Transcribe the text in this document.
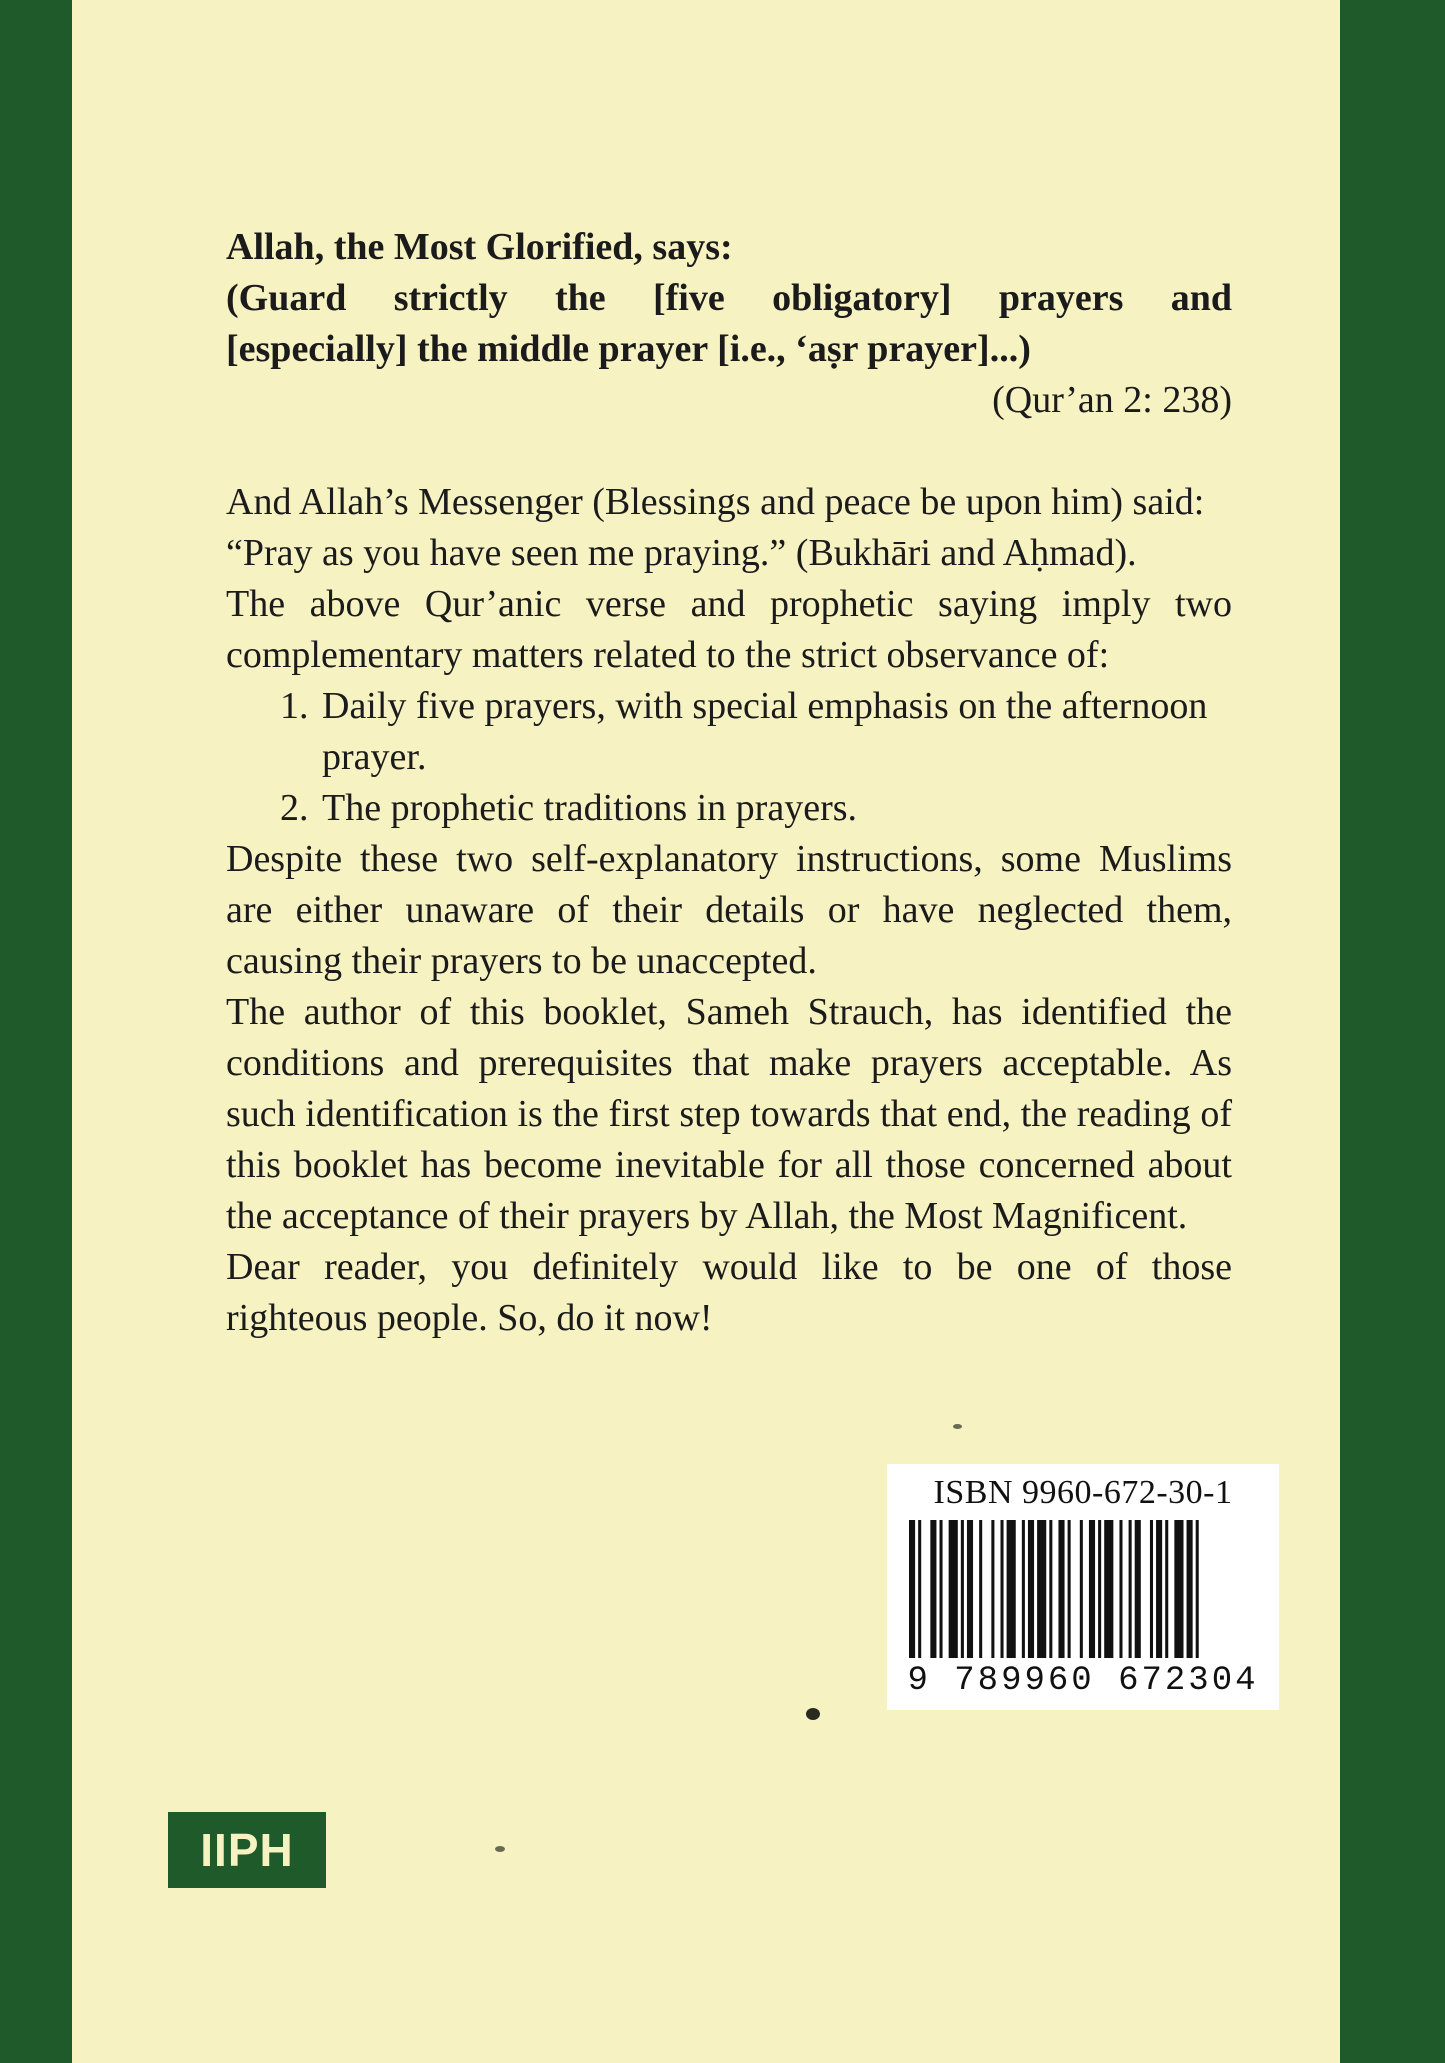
Allah, the Most Glorified, says:

(Guard strictly the [five obligatory] prayers and

[especially] the middle prayer [i.e., ‘aṣr prayer]...)

(Qur’an 2: 238)

And Allah’s Messenger (Blessings and peace be upon him) said:

“Pray as you have seen me praying.” (Bukhāri and Aḥmad).

The above Qur’anic verse and prophetic saying imply two complementary matters related to the strict observance of:

1. Daily five prayers, with special emphasis on the afternoon prayer.
2. The prophetic traditions in prayers.

Despite these two self-explanatory instructions, some Muslims are either unaware of their details or have neglected them, causing their prayers to be unaccepted.

The author of this booklet, Sameh Strauch, has identified the conditions and prerequisites that make prayers acceptable. As such identification is the first step towards that end, the reading of this booklet has become inevitable for all those concerned about the acceptance of their prayers by Allah, the Most Magnificent.

Dear reader, you definitely would like to be one of those righteous people. So, do it now!

ISBN 9960-672-30-1
9 789960 672304
IIPH
